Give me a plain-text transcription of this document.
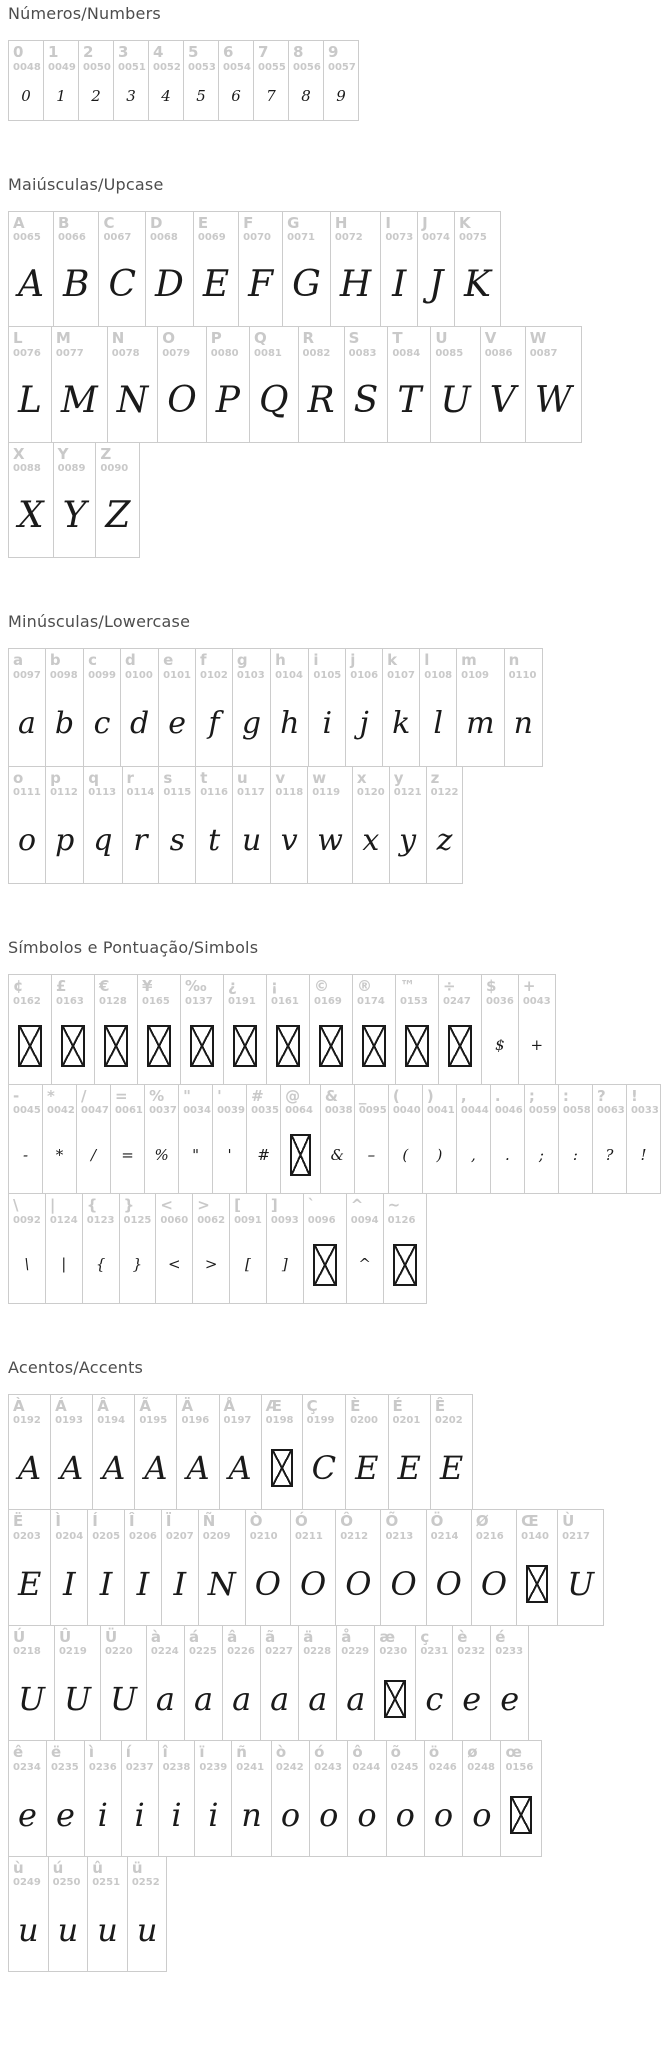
Números/Numbers
0
0048
0
1
0049
1
2
0050
2
3
0051
3
4
0052
4
5
0053
5
6
0054
6
7
0055
7
8
0056
8
9
0057
9
Maiúsculas/Upcase
A
0065
A
B
0066
B
C
0067
C
D
0068
D
E
0069
E
F
0070
F
G
0071
G
H
0072
H
I
0073
I
J
0074
J
K
0075
K
L
0076
L
M
0077
M
N
0078
N
O
0079
O
P
0080
P
Q
0081
Q
R
0082
R
S
0083
S
T
0084
T
U
0085
U
V
0086
V
W
0087
W
X
0088
X
Y
0089
Y
Z
0090
Z
Minúsculas/Lowercase
a
0097
a
b
0098
b
c
0099
c
d
0100
d
e
0101
e
f
0102
f
g
0103
g
h
0104
h
i
0105
i
j
0106
j
k
0107
k
l
0108
l
m
0109
m
n
0110
n
o
0111
o
p
0112
p
q
0113
q
r
0114
r
s
0115
s
t
0116
t
u
0117
u
v
0118
v
w
0119
w
x
0120
x
y
0121
y
z
0122
z
Símbolos e Pontuação/Simbols
¢
0162
£
0163
€
0128
¥
0165
‰
0137
¿
0191
¡
0161
©
0169
®
0174
™
0153
÷
0247
$
0036
$
+
0043
+
-
0045
-
*
0042
*
/
0047
/
=
0061
=
%
0037
%
"
0034
"
'
0039
'
#
0035
#
@
0064
&
0038
&
_
0095
–
(
0040
(
)
0041
)
,
0044
,
.
0046
.
;
0059
;
:
0058
:
?
0063
?
!
0033
!
\
0092
\
|
0124
|
{
0123
{
}
0125
}
<
0060
<
>
0062
>
[
0091
[
]
0093
]
`
0096
^
0094
^
~
0126
Acentos/Accents
À
0192
A
Á
0193
A
Â
0194
A
Ã
0195
A
Ä
0196
A
Å
0197
A
Æ
0198
Ç
0199
C
È
0200
E
É
0201
E
Ê
0202
E
Ë
0203
E
Ì
0204
I
Í
0205
I
Î
0206
I
Ï
0207
I
Ñ
0209
N
Ò
0210
O
Ó
0211
O
Ô
0212
O
Õ
0213
O
Ö
0214
O
Ø
0216
O
Œ
0140
Ù
0217
U
Ú
0218
U
Û
0219
U
Ü
0220
U
à
0224
a
á
0225
a
â
0226
a
ã
0227
a
ä
0228
a
å
0229
a
æ
0230
ç
0231
c
è
0232
e
é
0233
e
ê
0234
e
ë
0235
e
ì
0236
i
í
0237
i
î
0238
i
ï
0239
i
ñ
0241
n
ò
0242
o
ó
0243
o
ô
0244
o
õ
0245
o
ö
0246
o
ø
0248
o
œ
0156
ù
0249
u
ú
0250
u
û
0251
u
ü
0252
u
